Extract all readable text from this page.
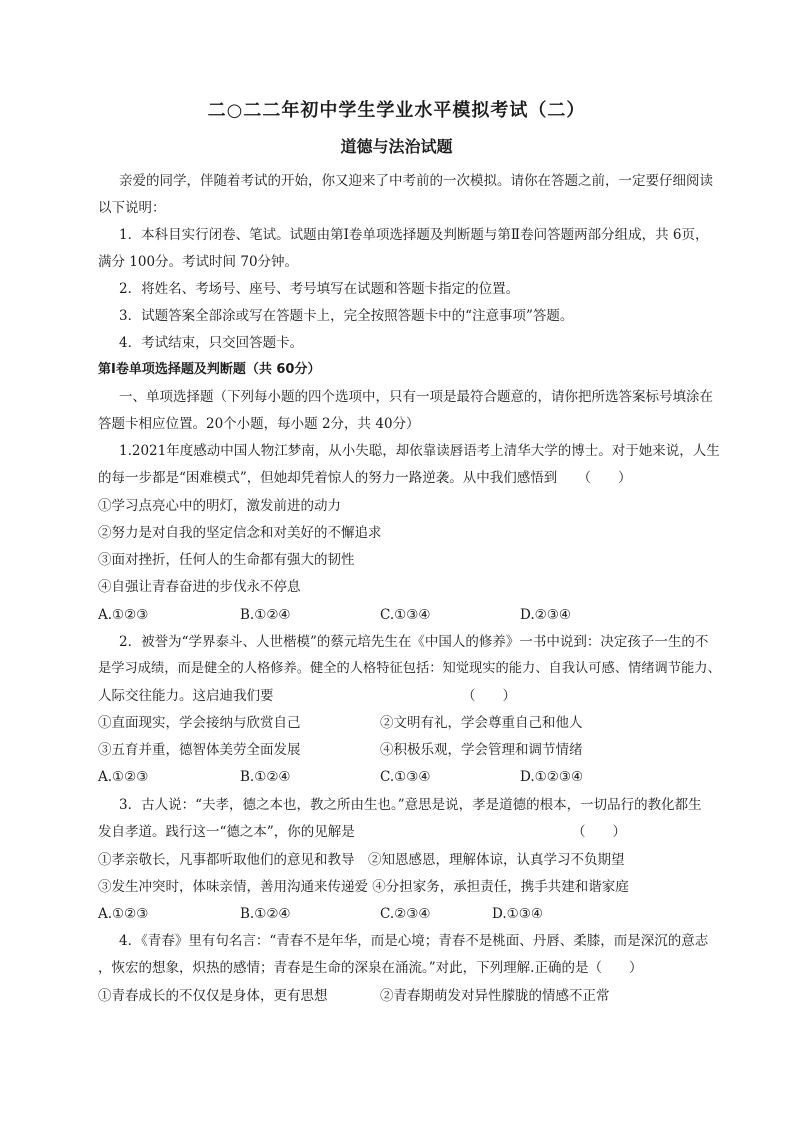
二○二二年初中学生学业水平模拟考试（二）
道德与法治试题
亲爱的同学，伴随着考试的开始，你又迎来了中考前的一次模拟。请你在答题之前，一定要仔细阅读
以下说明：
1．本科目实行闭卷、笔试。试题由第Ⅰ卷单项选择题及判断题与第Ⅱ卷问答题两部分组成，共 6页，
满分 100分。考试时间 70分钟。
2．将姓名、考场号、座号、考号填写在试题和答题卡指定的位置。
3．试题答案全部涂或写在答题卡上，完全按照答题卡中的“注意事项”答题。
4．考试结束，只交回答题卡。
第Ⅰ卷单项选择题及判断题（共 60分）
一、单项选择题（下列每小题的四个选项中，只有一项是最符合题意的，请你把所选答案标号填涂在
答题卡相应位置。20个小题，每小题 2分，共 40分）
1.2021年度感动中国人物江梦南，从小失聪，却依靠读唇语考上清华大学的博士。对于她来说，人生
的每一步都是“困难模式”，但她却凭着惊人的努力一路逆袭。从中我们感悟到　　（　　）
①学习点亮心中的明灯，激发前进的动力
②努力是对自我的坚定信念和对美好的不懈追求
③面对挫折，任何人的生命都有强大的韧性
④自强让青春奋进的步伐永不停息
A.①②③	B.①②④	C.①③④	D.②③④
2．被誉为“学界泰斗、人世楷模”的蔡元培先生在《中国人的修养》一书中说到：决定孩子一生的不
是学习成绩，而是健全的人格修养。健全的人格特征包括：知觉现实的能力、自我认可感、情绪调节能力、
人际交往能力。这启迪我们要	（　　）
①直面现实，学会接纳与欣赏自己	②文明有礼，学会尊重自己和他人
③五育并重，德智体美劳全面发展	④积极乐观，学会管理和调节情绪
A.①②③	B.①②④	C.①③④	D.①②③④
3．古人说：“夫孝，德之本也，教之所由生也。”意思是说，孝是道德的根本，一切品行的教化都生
发自孝道。践行这一“德之本”，你的见解是	（　　）
①孝亲敬长，凡事都听取他们的意见和教导　②知恩感恩，理解体谅，认真学习不负期望
③发生冲突时，体味亲情，善用沟通来传递爱 ④分担家务，承担责任，携手共建和谐家庭
A.①②③	B.①②④	C.②③④	D.①③④
4．《青春》里有句名言：“青春不是年华，而是心境；青春不是桃面、丹唇、柔膝，而是深沉的意志
，恢宏的想象，炽热的感情；青春是生命的深泉在涌流。”对此，下列理解.正确的是（　　）
①青春成长的不仅仅是身体，更有思想	②青春期萌发对异性朦胧的情感不正常
